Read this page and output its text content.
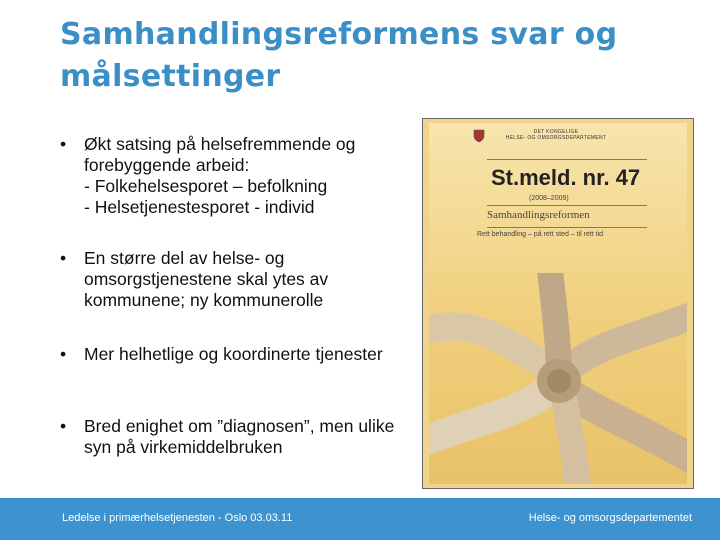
Samhandlingsreformens svar og målsettinger
• Økt satsing på helsefremmende og forebyggende arbeid:
- Folkehelsesporet – befolkning
- Helsetjenestesporet - individ
• En større del av helse- og omsorgstjenestene skal ytes av kommunene; ny kommunerolle
• Mer helhetlige og koordinerte tjenester
• Bred enighet om ”diagnosen”, men ulike syn på virkemiddelbruken
DET KONGELIGE
HELSE- OG OMSORGSDEPARTEMENT
St.meld. nr. 47
(2008–2009)
Samhandlingsreformen
Rett behandling – på rett sted – til rett tid
Ledelse i primærhelsetjenesten - Oslo 03.03.11	Helse- og omsorgsdepartementet
